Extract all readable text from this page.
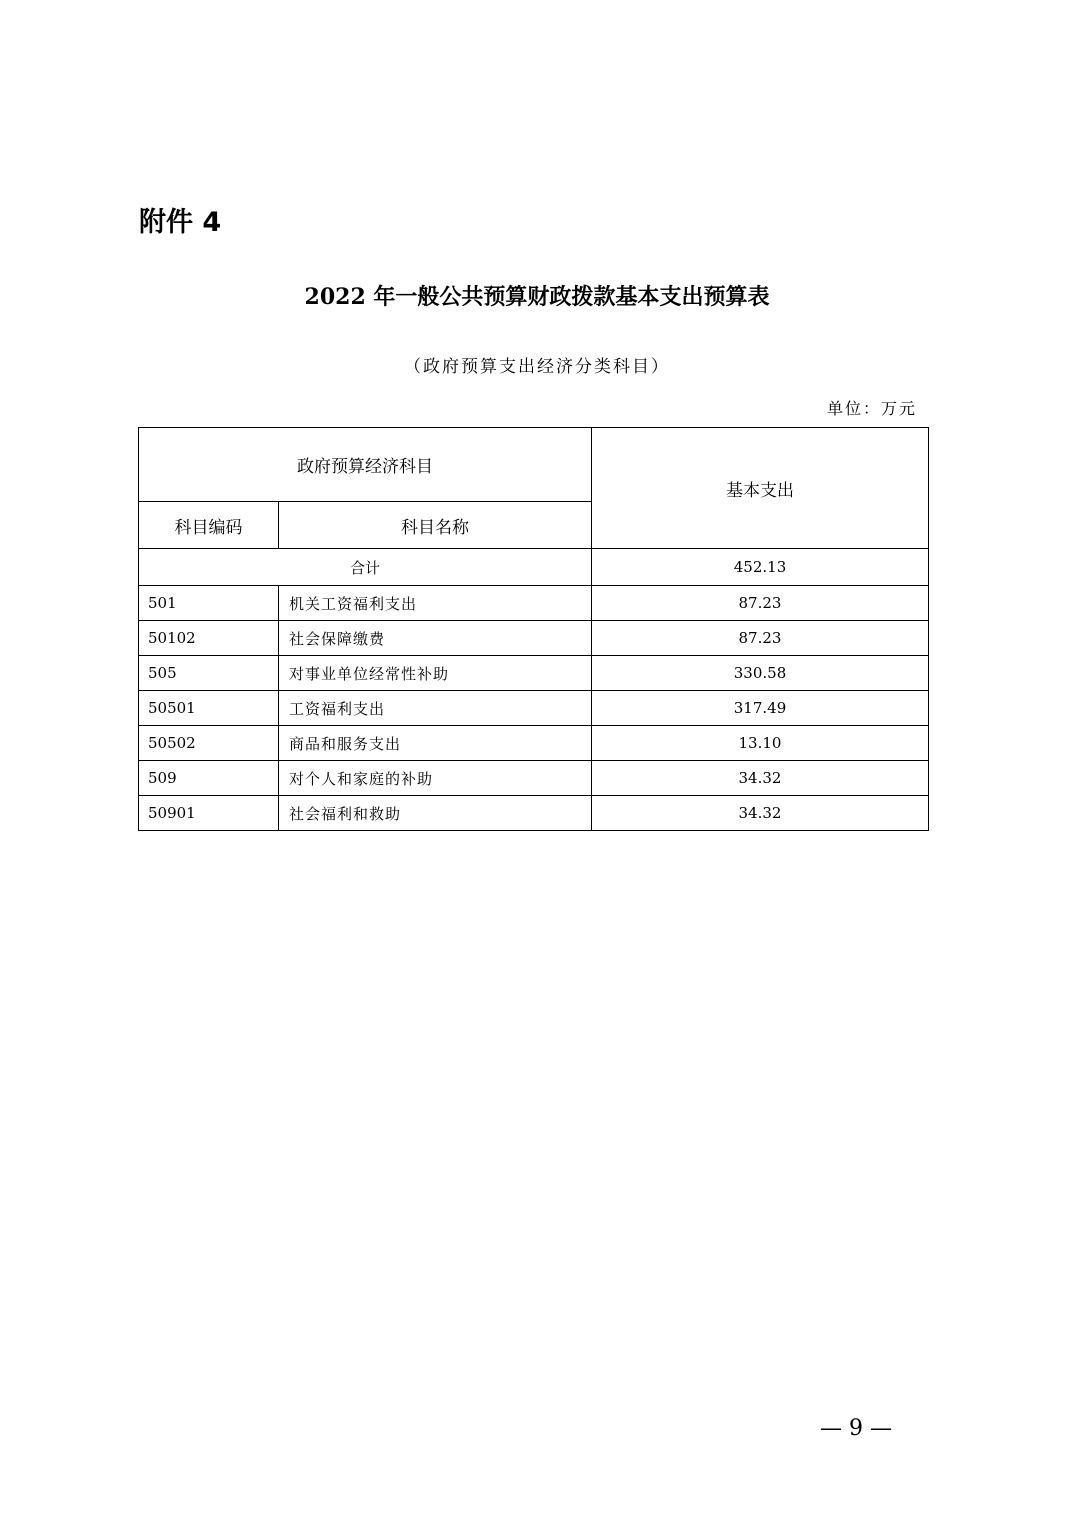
附件 4
2022 年一般公共预算财政拨款基本支出预算表
（政府预算支出经济分类科目）
单位：万元
政府预算经济科目		基本支出
科目编码	科目名称	
合计		452.13
501	机关工资福利支出	87.23
50102	社会保障缴费	87.23
505	对事业单位经常性补助	330.58
50501	工资福利支出	317.49
50502	商品和服务支出	13.10
509	对个人和家庭的补助	34.32
50901	社会福利和救助	34.32
— 9 —
